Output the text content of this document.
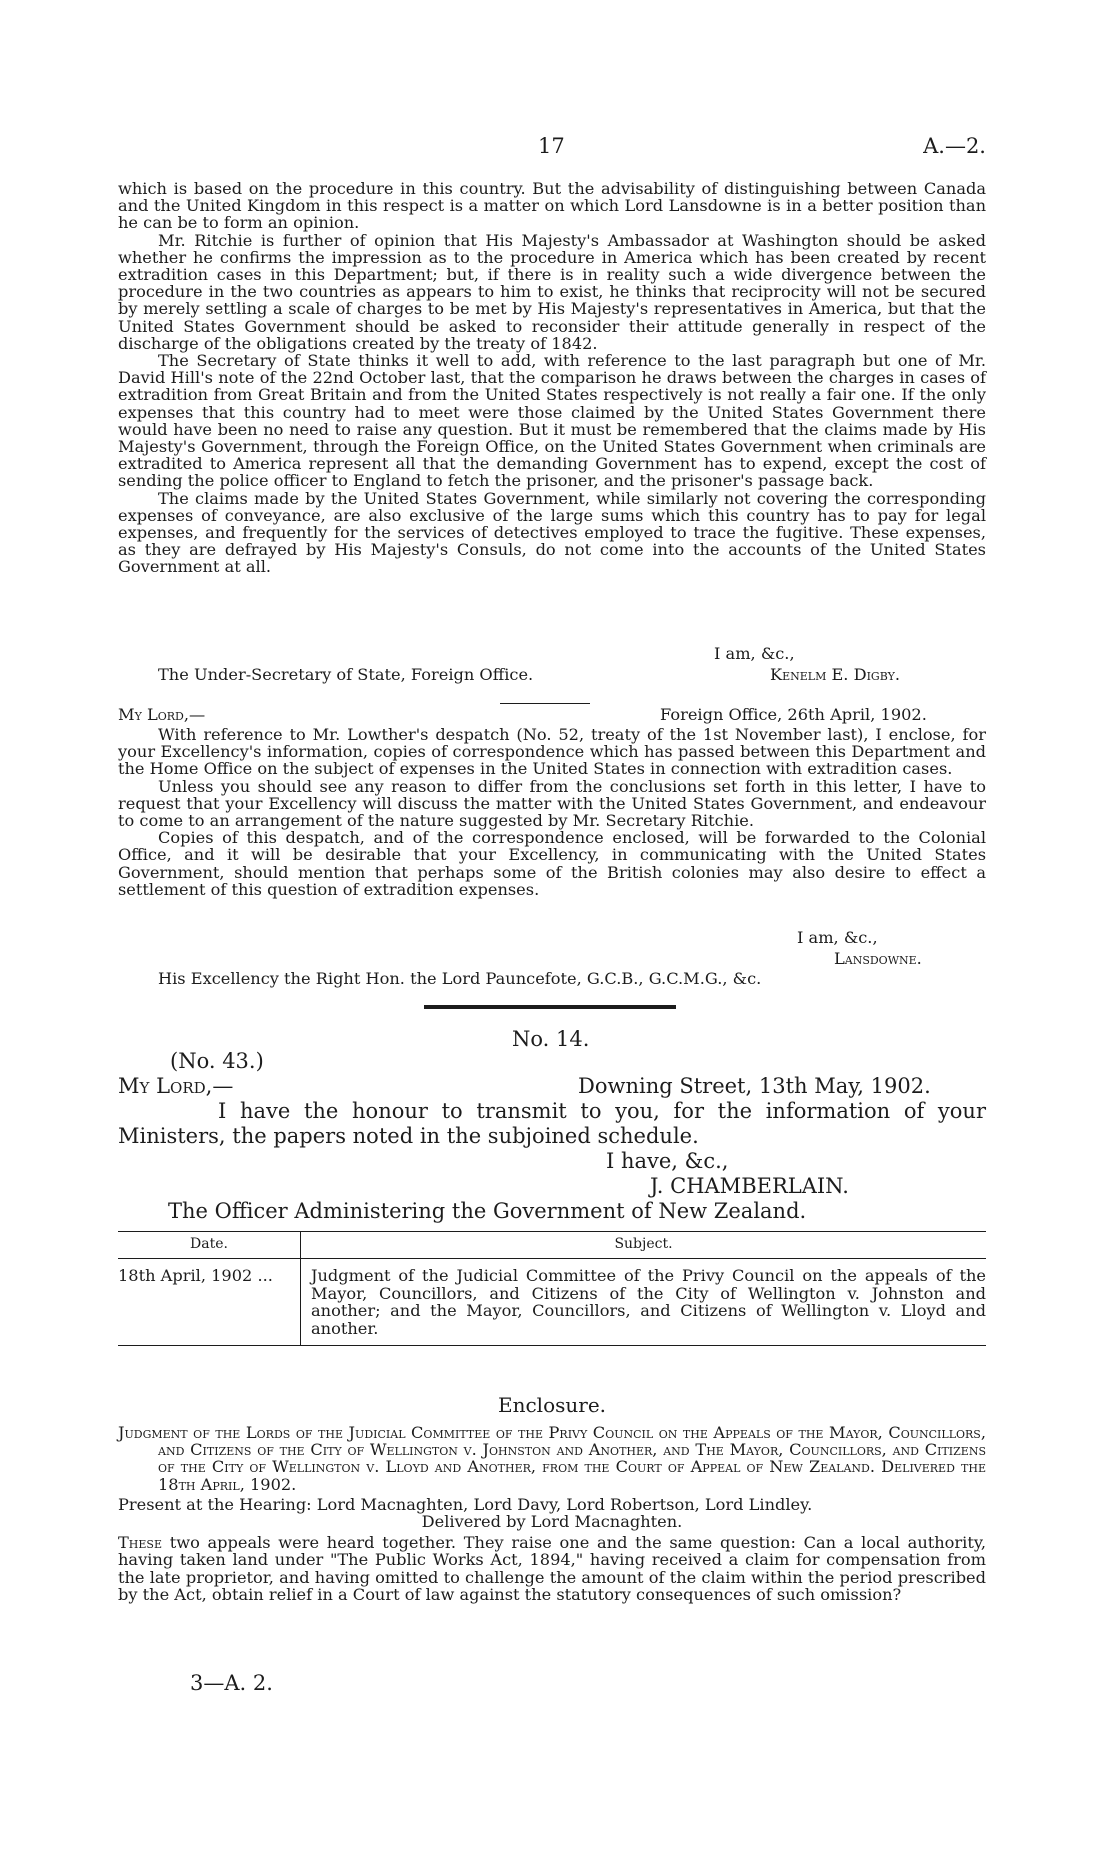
17	A.—2.

which is based on the procedure in this country. But the advisability of distinguishing between Canada and the United Kingdom in this respect is a matter on which Lord Lansdowne is in a better position than he can be to form an opinion.

Mr. Ritchie is further of opinion that His Majesty's Ambassador at Washington should be asked whether he confirms the impression as to the procedure in America which has been created by recent extradition cases in this Department; but, if there is in reality such a wide divergence between the procedure in the two countries as appears to him to exist, he thinks that reciprocity will not be secured by merely settling a scale of charges to be met by His Majesty's representatives in America, but that the United States Government should be asked to reconsider their attitude generally in respect of the discharge of the obligations created by the treaty of 1842.

The Secretary of State thinks it well to add, with reference to the last paragraph but one of Mr. David Hill's note of the 22nd October last, that the comparison he draws between the charges in cases of extradition from Great Britain and from the United States respectively is not really a fair one. If the only expenses that this country had to meet were those claimed by the United States Government there would have been no need to raise any question. But it must be remembered that the claims made by His Majesty's Government, through the Foreign Office, on the United States Government when criminals are extradited to America represent all that the demanding Government has to expend, except the cost of sending the police officer to England to fetch the prisoner, and the prisoner's passage back.

The claims made by the United States Government, while similarly not covering the corresponding expenses of conveyance, are also exclusive of the large sums which this country has to pay for legal expenses, and frequently for the services of detectives employed to trace the fugitive. These expenses, as they are defrayed by His Majesty's Consuls, do not come into the accounts of the United States Government at all.

I am, &c.,
The Under-Secretary of State, Foreign Office.	Kenelm E. Digby.
My Lord,—	Foreign Office, 26th April, 1902.

With reference to Mr. Lowther's despatch (No. 52, treaty of the 1st November last), I enclose, for your Excellency's information, copies of correspondence which has passed between this Department and the Home Office on the subject of expenses in the United States in connection with extradition cases.

Unless you should see any reason to differ from the conclusions set forth in this letter, I have to request that your Excellency will discuss the matter with the United States Government, and endeavour to come to an arrangement of the nature suggested by Mr. Secretary Ritchie.

Copies of this despatch, and of the correspondence enclosed, will be forwarded to the Colonial Office, and it will be desirable that your Excellency, in communicating with the United States Government, should mention that perhaps some of the British colonies may also desire to effect a settlement of this question of extradition expenses.

I am, &c.,
Lansdowne.
His Excellency the Right Hon. the Lord Pauncefote, G.C.B., G.C.M.G., &c.
No. 14.
(No. 43.)
My Lord,—	Downing Street, 13th May, 1902.

I have the honour to transmit to you, for the information of your Ministers, the papers noted in the subjoined schedule.

I have, &c.,
J. CHAMBERLAIN.
The Officer Administering the Government of New Zealand.
Date.	Subject.
18th April, 1902 ...	Judgment of the Judicial Committee of the Privy Council on the appeals of the Mayor, Councillors, and Citizens of the City of Wellington v. Johnston and another; and the Mayor, Councillors, and Citizens of Wellington v. Lloyd and another.
Enclosure.

Judgment of the Lords of the Judicial Committee of the Privy Council on the Appeals of the Mayor, Councillors, and Citizens of the City of Wellington v. Johnston and Another, and The Mayor, Councillors, and Citizens of the City of Wellington v. Lloyd and Another, from the Court of Appeal of New Zealand. Delivered the 18th April, 1902.

Present at the Hearing: Lord Macnaghten, Lord Davy, Lord Robertson, Lord Lindley.

Delivered by Lord Macnaghten.

These two appeals were heard together. They raise one and the same question: Can a local authority, having taken land under "The Public Works Act, 1894," having received a claim for compensation from the late proprietor, and having omitted to challenge the amount of the claim within the period prescribed by the Act, obtain relief in a Court of law against the statutory consequences of such omission?

3—A. 2.
